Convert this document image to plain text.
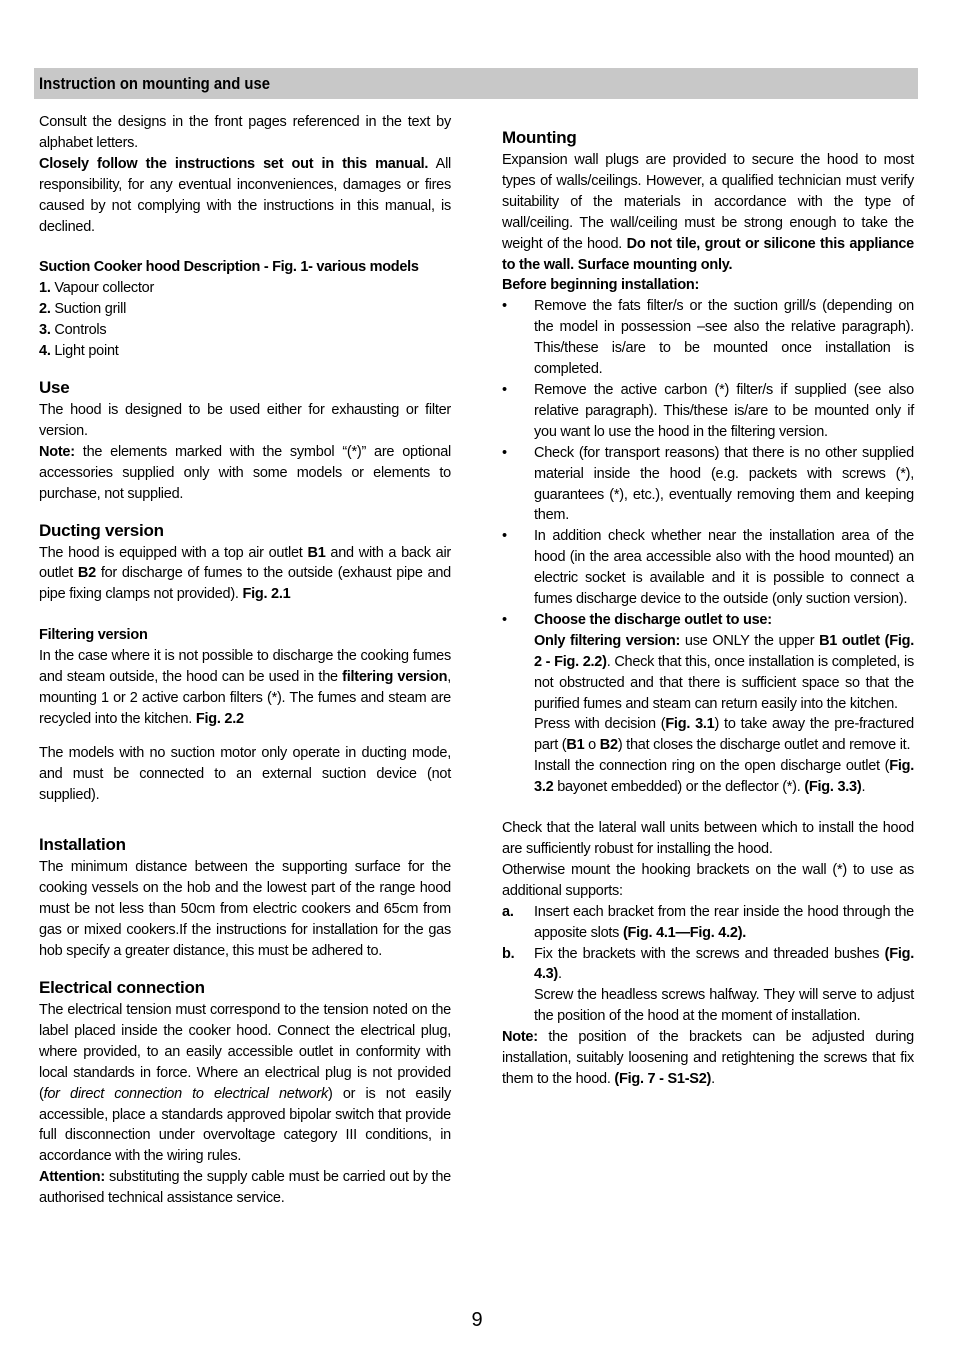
Instruction on mounting and use

Consult the designs in the front pages referenced in the text by alphabet letters.

Closely follow the instructions set out in this manual. All responsibility, for any eventual inconveniences, damages or fires caused by not complying with the instructions in this manual, is declined.

Suction Cooker hood Description - Fig. 1- various models
1. Vapour collector
2. Suction grill
3. Controls
4. Light point
Use

The hood is designed to be used either for exhausting or filter version.

Note: the elements marked with the symbol “(*)” are optional accessories supplied only with some models or elements to purchase, not supplied.

Ducting version

The hood is equipped with a top air outlet B1 and with a back air outlet B2 for discharge of fumes to the outside (exhaust pipe and pipe fixing clamps not provided). Fig. 2.1

Filtering version

In the case where it is not possible to discharge the cooking fumes and steam outside, the hood can be used in the filtering version, mounting 1 or 2 active carbon filters (*). The fumes and steam are recycled into the kitchen. Fig. 2.2

The models with no suction motor only operate in ducting mode, and must be connected to an external suction device (not supplied).

Installation

The minimum distance between the supporting surface for the cooking vessels on the hob and the lowest part of the range hood must be not less than 50cm from electric cookers and 65cm from gas or mixed cookers.If the instructions for installation for the gas hob specify a greater distance, this must be adhered to.

Electrical connection

The electrical tension must correspond to the tension noted on the label placed inside the cooker hood. Connect the electrical plug, where provided, to an easily accessible outlet in conformity with local standards in force. Where an electrical plug is not provided (for direct connection to electrical network) or is not easily accessible, place a standards approved bipolar switch that provide full disconnection under overvoltage category III conditions, in accordance with the wiring rules.

Attention: substituting the supply cable must be carried out by the authorised technical assistance service.

Mounting

Expansion wall plugs are provided to secure the hood to most types of walls/ceilings. However, a qualified technician must verify suitability of the materials in accordance with the type of wall/ceiling. The wall/ceiling must be strong enough to take the weight of the hood. Do not tile, grout or silicone this appliance to the wall. Surface mounting only.

Before beginning installation:
• Remove the fats filter/s or the suction grill/s (depending on the model in possession –see also the relative paragraph). This/these is/are to be mounted once installation is completed.
• Remove the active carbon (*) filter/s if supplied (see also relative paragraph). This/these is/are to be mounted only if you want lo use the hood in the filtering version.
• Check (for transport reasons) that there is no other supplied material inside the hood (e.g. packets with screws (*), guarantees (*), etc.), eventually removing them and keeping them.
• In addition check whether near the installation area of the hood (in the area accessible also with the hood mounted) an electric socket is available and it is possible to connect a fumes discharge device to the outside (only suction version).
• Choose the discharge outlet to use:
Only filtering version: use ONLY the upper B1 outlet (Fig. 2 - Fig. 2.2). Check that this, once installation is completed, is not obstructed and that there is sufficient space so that the purified fumes and steam can return easily into the kitchen.
Press with decision (Fig. 3.1) to take away the pre-fractured part (B1 o B2) that closes the discharge outlet and remove it.
Install the connection ring on the open discharge outlet (Fig. 3.2 bayonet embedded) or the deflector (*). (Fig. 3.3).

Check that the lateral wall units between which to install the hood are sufficiently robust for installing the hood.

Otherwise mount the hooking brackets on the wall (*) to use as additional supports:

a. Insert each bracket from the rear inside the hood through the apposite slots (Fig. 4.1—Fig. 4.2).
b. Fix the brackets with the screws and threaded bushes (Fig. 4.3).
Screw the headless screws halfway. They will serve to adjust the position of the hood at the moment of installation.

Note: the position of the brackets can be adjusted during installation, suitably loosening and retightening the screws that fix them to the hood. (Fig. 7 - S1-S2).

9
